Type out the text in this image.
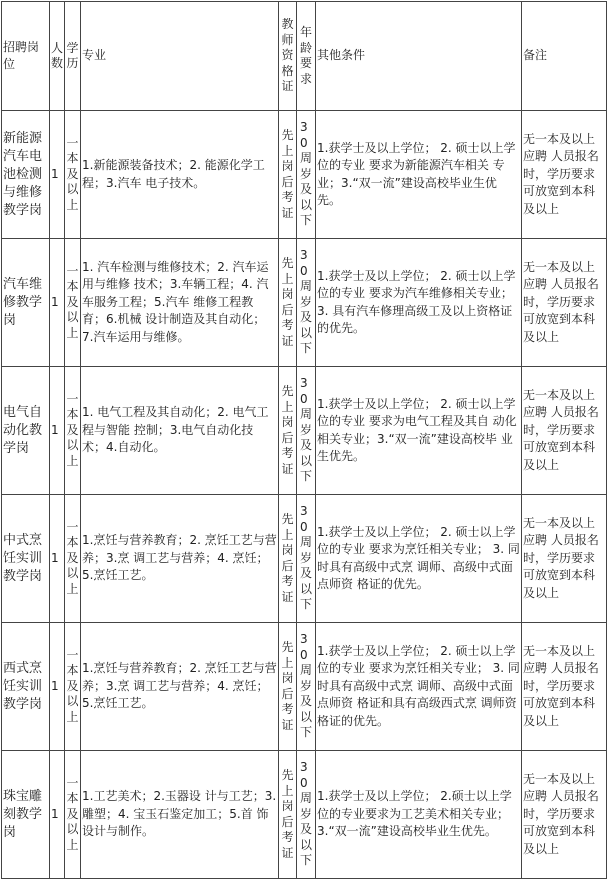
招聘岗位	人数	学历	专业	教师资格证	年龄要求	其他条件	备注
新能源汽车电池检测与维修教学岗	1	一本及以上	1.新能源装备技术；2. 能源化学工程；3.汽车 电子技术。	先上岗后考证	30周岁及以下	1.获学士及以上学位； 2. 硕士以上学位的专业 要求为新能源汽车相关 专业；3.“双一流”建设高校毕业生优先。	无一本及以上应聘 人员报名时，学历要求可放宽到本科 及以上
汽车维修教学岗	1	一本及以上	1. 汽车检测与维修技术；2. 汽车运用与维修 技术；3.车辆工程；4. 汽车服务工程；5.汽车 维修工程教育；6.机械 设计制造及其自动化； 7.汽车运用与维修。	先上岗后考证	30周岁及以下	1.获学士及以上学位； 2. 硕士以上学位的专业 要求为汽车维修相关专业； 3. 具有汽车修理高级工及以上资格证的优先。	无一本及以上应聘 人员报名时，学历要求可放宽到本科 及以上
电气自动化教学岗	1	一本及以上	1. 电气工程及其自动化；2. 电气工程与智能 控制；3.电气自动化技 术；4.自动化。	先上岗后考证	30周岁及以下	1.获学士及以上学位； 2. 硕士以上学位的专业 要求为电气工程及其自 动化相关专业；3.“双一流”建设高校毕 业生优先。	无一本及以上应聘 人员报名时，学历要求可放宽到本科 及以上
中式烹饪实训教学岗	1	一本及以上	1.烹饪与营养教育；2. 烹饪工艺与营养；3.烹 调工艺与营养；4. 烹饪；5.烹饪工艺。	先上岗后考证	30周岁及以下	1.获学士及以上学位； 2. 硕士以上学位的专业 要求为烹饪相关专业； 3. 同时具有高级中式烹 调师、高级中式面点师资 格证的优先。	无一本及以上应聘 人员报名时，学历要求可放宽到本科 及以上
西式烹饪实训教学岗	1	一本及以上	1.烹饪与营养教育；2. 烹饪工艺与营养；3.烹 调工艺与营养；4. 烹饪； 5.烹饪工艺。	先上岗后考证	30周岁及以下	1.获学士及以上学位； 2. 硕士以上学位的专业 要求为烹饪相关专业； 3. 同时具有高级中式烹 调师、高级中式面点师资 格证和具有高级西式烹 调师资格证的优先。	无一本及以上应聘 人员报名时，学历要求可放宽到本科 及以上
珠宝雕刻教学岗	1	一本及以上	1.工艺美术；2.玉器设 计与工艺；3.雕塑；4. 宝玉石鉴定加工；5.首 饰设计与制作。	先上岗后考证	30周岁及以下	1.获学士及以上学位； 2.硕士以上学位的专业要求为工艺美术相关专业；3.“双一流”建设高校毕业生优先。	无一本及以上应聘 人员报名时，学历要求可放宽到本科 及以上
